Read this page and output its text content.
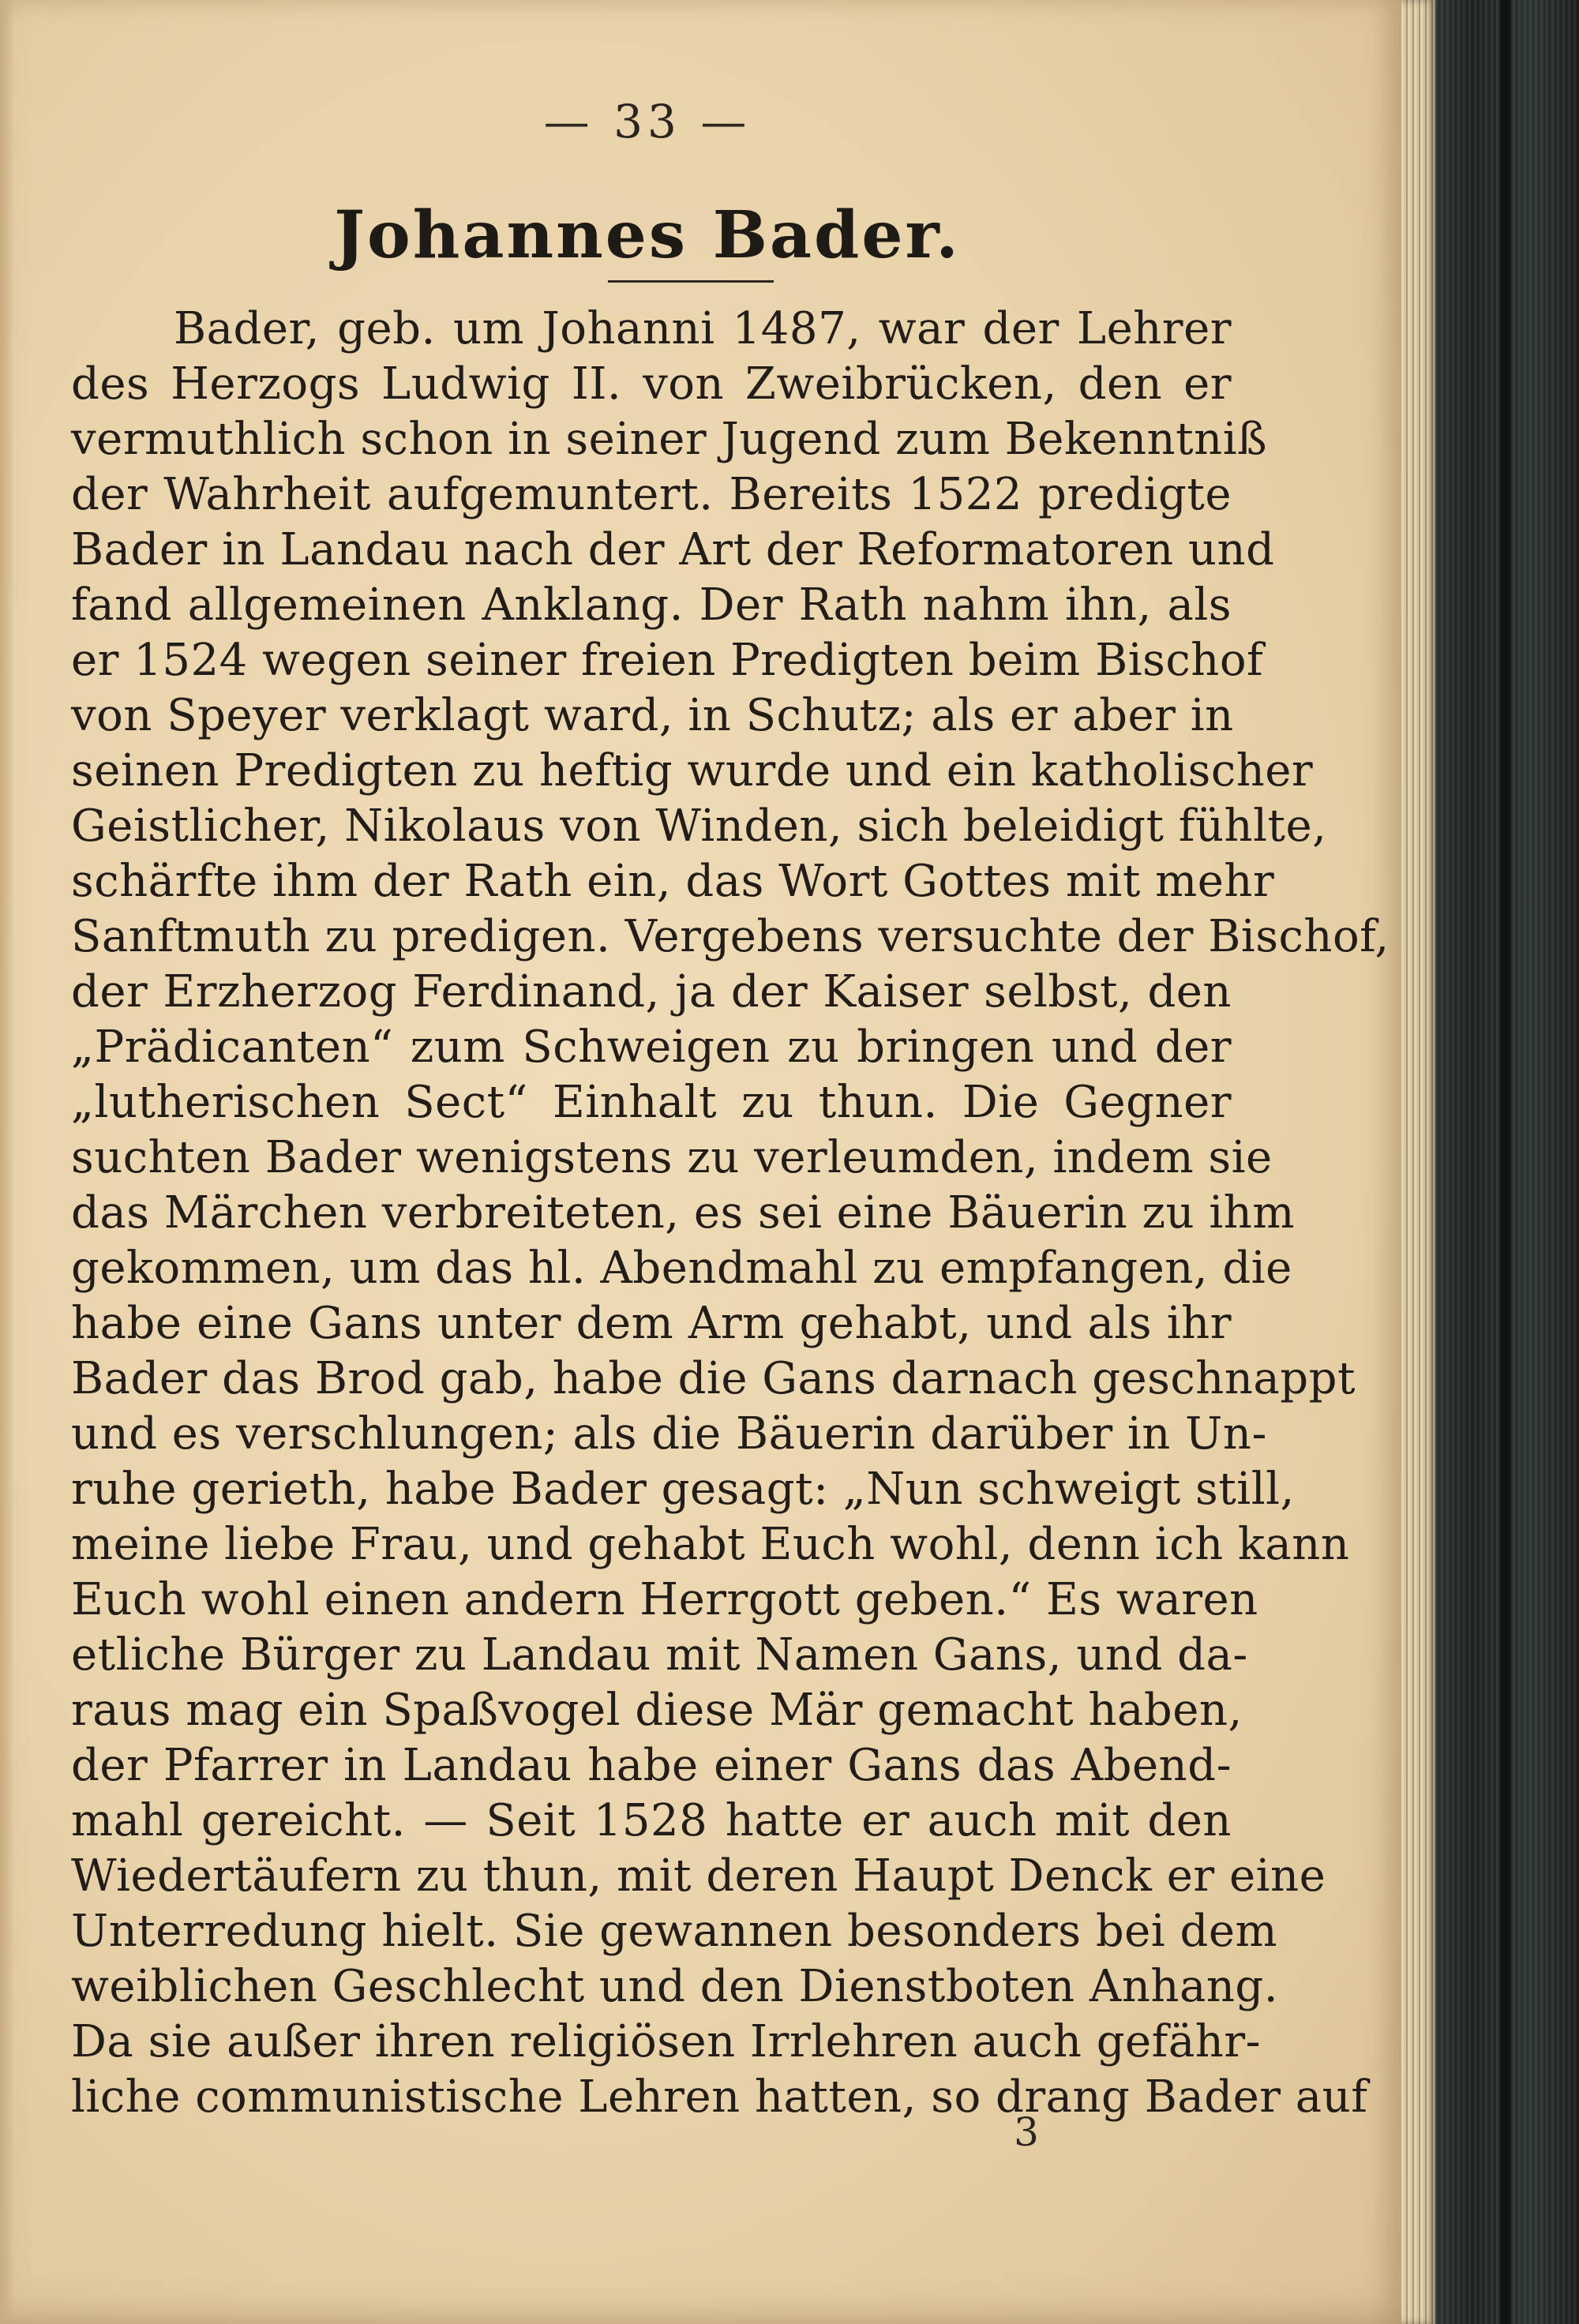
— 33 —
Johannes Bader.
Bader, geb. um Johanni 1487, war der Lehrer
des Herzogs Ludwig II. von Zweibrücken, den er
vermuthlich schon in seiner Jugend zum Bekenntniß
der Wahrheit aufgemuntert. Bereits 1522 predigte
Bader in Landau nach der Art der Reformatoren und
fand allgemeinen Anklang. Der Rath nahm ihn, als
er 1524 wegen seiner freien Predigten beim Bischof
von Speyer verklagt ward, in Schutz; als er aber in
seinen Predigten zu heftig wurde und ein katholischer
Geistlicher, Nikolaus von Winden, sich beleidigt fühlte,
schärfte ihm der Rath ein, das Wort Gottes mit mehr
Sanftmuth zu predigen. Vergebens versuchte der Bischof,
der Erzherzog Ferdinand, ja der Kaiser selbst, den
„Prädicanten“ zum Schweigen zu bringen und der
„lutherischen Sect“ Einhalt zu thun. Die Gegner
suchten Bader wenigstens zu verleumden, indem sie
das Märchen verbreiteten, es sei eine Bäuerin zu ihm
gekommen, um das hl. Abendmahl zu empfangen, die
habe eine Gans unter dem Arm gehabt, und als ihr
Bader das Brod gab, habe die Gans darnach geschnappt
und es verschlungen; als die Bäuerin darüber in Un-
ruhe gerieth, habe Bader gesagt: „Nun schweigt still,
meine liebe Frau, und gehabt Euch wohl, denn ich kann
Euch wohl einen andern Herrgott geben.“ Es waren
etliche Bürger zu Landau mit Namen Gans, und da-
raus mag ein Spaßvogel diese Mär gemacht haben,
der Pfarrer in Landau habe einer Gans das Abend-
mahl gereicht. — Seit 1528 hatte er auch mit den
Wiedertäufern zu thun, mit deren Haupt Denck er eine
Unterredung hielt. Sie gewannen besonders bei dem
weiblichen Geschlecht und den Dienstboten Anhang.
Da sie außer ihren religiösen Irrlehren auch gefähr-
liche communistische Lehren hatten, so drang Bader auf
3
